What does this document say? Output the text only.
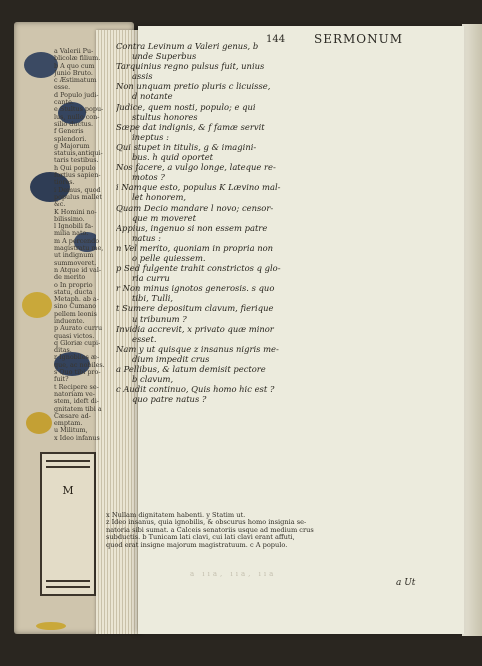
M
144 SERMONUM
a Valerii Pu-
blicolæ filium.
b A quo cum
Junio Bruto.
c Æstimatum
esse.
d Populo judi-
cante.
e Stultus popu-
lus, nullo con-
silio ductus.
f Generis
splendori.
g Majorum
statuis,antiqui-
taris testibus.
h Qui populo
fortius sapien-
tiores.
i Demus, quod
populus mallet
&c.
K Homini no-
bilissimo.
l Ignobili fa-
milia nato.
m A percendo
magistratu me,
ut indignum
summoveret.
n Atque id val-
de merito
o In proprio
statu, ducta
Metaph. ab a-
sino Cumano
pellem leonis
induente.
p Aurato curru
quasi victos.
q Gloriæ cupi-
ditas.
r Ignobiles æ-
que, ac nobiles.
s Quo tibi pro-
fuit?
t Recipere se-
natoriam ve-
stem, ideft di-
gnitatem tibi a
Cæsare ad-
emptam.
u Militum,
x Ideo infanus
Contra Levinum a Valeri genus, b
unde Superbus
Tarquinius regno pulsus fuit, unius
assis
Non unquam pretio pluris c licuisse,
d notante
Judice, quem nosti, populo; e qui
stultus honores
Sæpe dat indignis, & f famæ servit
ineptus :
Qui stupet in titulis, g & imagini-
bus. h quid oportet
Nos facere, a vulgo longe, lateque re-
motos ?
i Namque esto, populus K Lævino mal-
let honorem,
Quam Decio mandare l novo; censor-
que m moveret
Appius, ingenuo si non essem patre
natus :
n Vel merito, quoniam in propria non
o pelle quiessem.
p Sed fulgente trahit constrictos q glo-
ria curru
r Non minus ignotos generosis. s quo
tibi, Tulli,
t Sumere depositum clavum, fierique
u tribunum ?
Invidia accrevit, x privato quæ minor
esset.
Nam y ut quisque z insanus nigris me-
dium impedit crus
a Pellibus, & latum demisit pectore
b clavum,
c Audit continuo, Quis homo hic est ?
quo patre natus ?
x Nullam dignitatem habenti. y Statim ut.
z Ideo insanus, quia ignobilis, & obscurus homo insignia se-
natoria sibi sumat. a Calceis senatoriis usque ad medium crus
subductis. b Tunicam lati clavi, cui lati clavi erant affuti,
quod erat insigne majorum magistratuum. c A populo.
a ııa, ııa, ııa
a Ut
